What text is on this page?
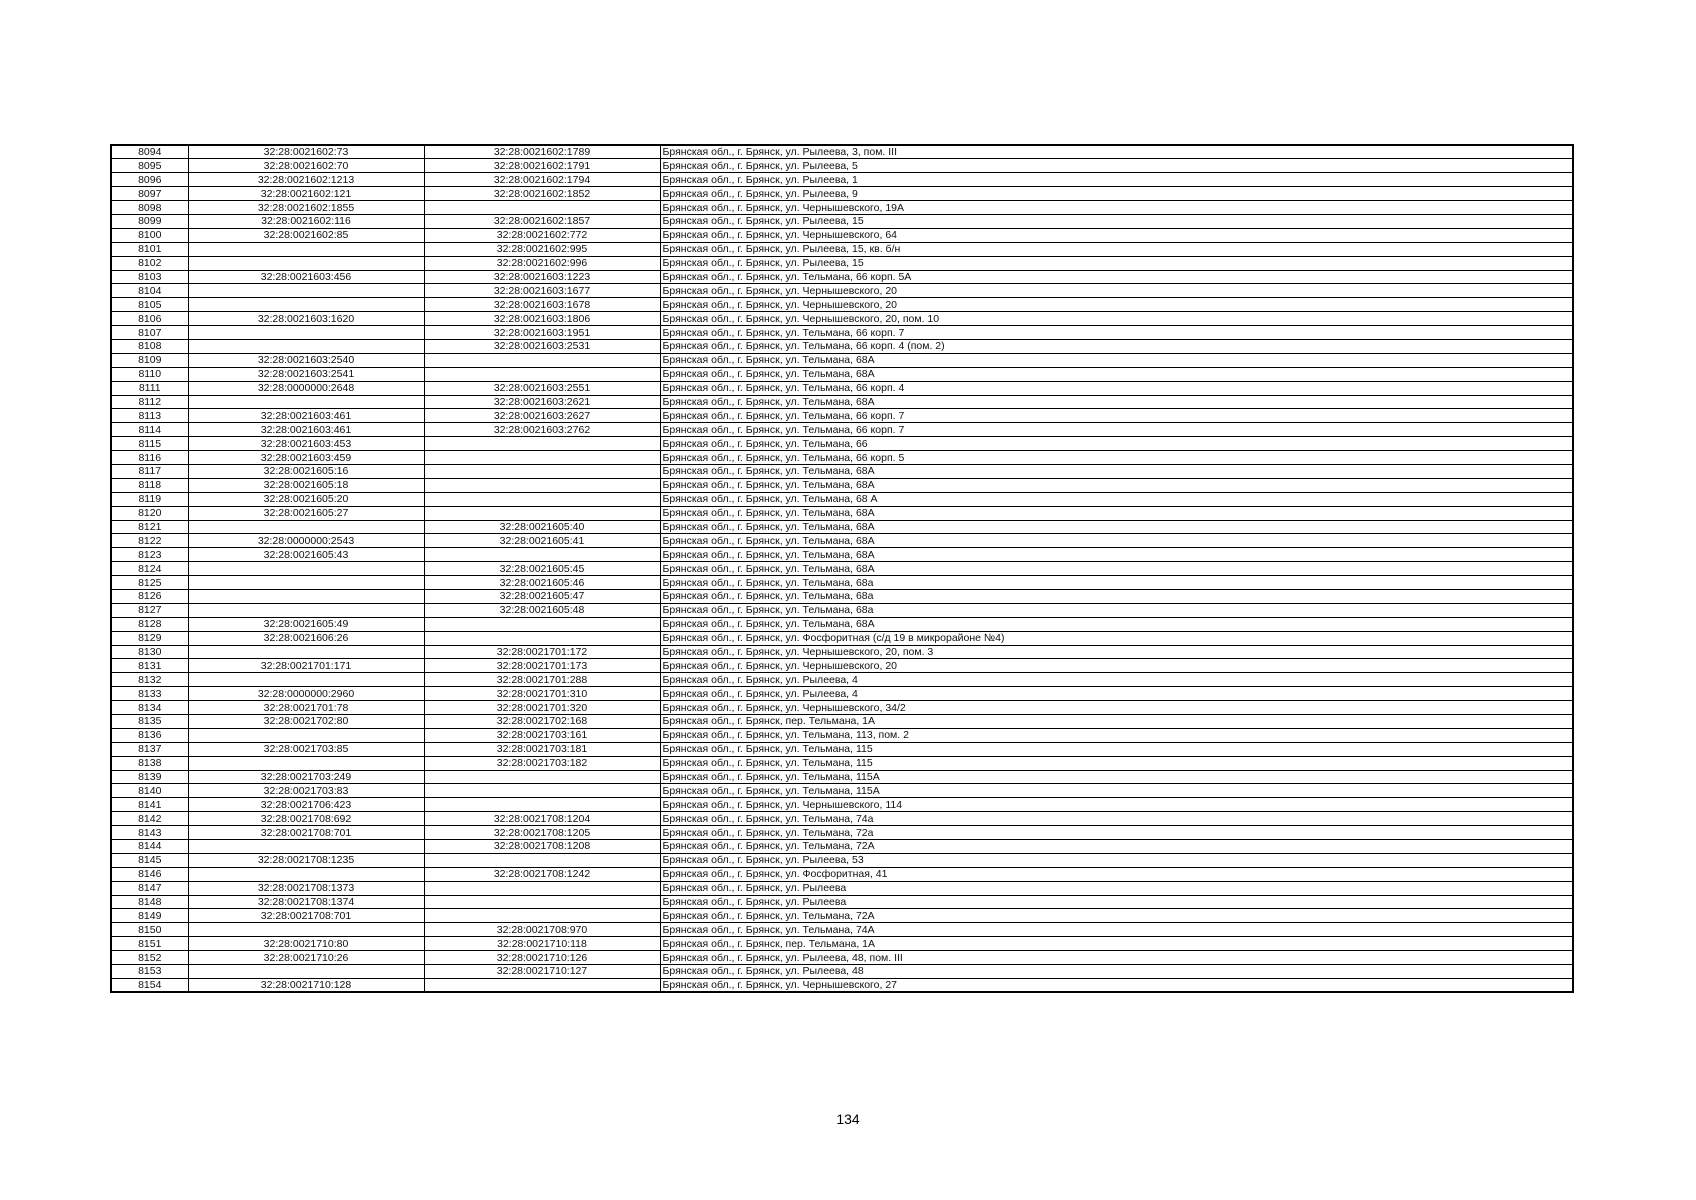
8094	32:28:0021602:73	32:28:0021602:1789	Брянская обл., г. Брянск, ул. Рылеева, 3, пом. III
8095	32:28:0021602:70	32:28:0021602:1791	Брянская обл., г. Брянск, ул. Рылеева, 5
8096	32:28:0021602:1213	32:28:0021602:1794	Брянская обл., г. Брянск, ул. Рылеева, 1
8097	32:28:0021602:121	32:28:0021602:1852	Брянская обл., г. Брянск, ул. Рылеева, 9
8098	32:28:0021602:1855		Брянская обл., г. Брянск, ул. Чернышевского, 19А
8099	32:28:0021602:116	32:28:0021602:1857	Брянская обл., г. Брянск, ул. Рылеева, 15
8100	32:28:0021602:85	32:28:0021602:772	Брянская обл., г. Брянск, ул. Чернышевского, 64
8101		32:28:0021602:995	Брянская обл., г. Брянск, ул. Рылеева, 15, кв. б/н
8102		32:28:0021602:996	Брянская обл., г. Брянск, ул. Рылеева, 15
8103	32:28:0021603:456	32:28:0021603:1223	Брянская обл., г. Брянск, ул. Тельмана, 66 корп. 5А
8104		32:28:0021603:1677	Брянская обл., г. Брянск, ул. Чернышевского, 20
8105		32:28:0021603:1678	Брянская обл., г. Брянск, ул. Чернышевского, 20
8106	32:28:0021603:1620	32:28:0021603:1806	Брянская обл., г. Брянск, ул. Чернышевского, 20, пом. 10
8107		32:28:0021603:1951	Брянская обл., г. Брянск, ул. Тельмана, 66 корп. 7
8108		32:28:0021603:2531	Брянская обл., г. Брянск, ул. Тельмана, 66 корп. 4 (пом. 2)
8109	32:28:0021603:2540		Брянская обл., г. Брянск, ул. Тельмана, 68А
8110	32:28:0021603:2541		Брянская обл., г. Брянск, ул. Тельмана, 68А
8111	32:28:0000000:2648	32:28:0021603:2551	Брянская обл., г. Брянск, ул. Тельмана, 66 корп. 4
8112		32:28:0021603:2621	Брянская обл., г. Брянск, ул. Тельмана, 68А
8113	32:28:0021603:461	32:28:0021603:2627	Брянская обл., г. Брянск, ул. Тельмана, 66 корп. 7
8114	32:28:0021603:461	32:28:0021603:2762	Брянская обл., г. Брянск, ул. Тельмана, 66 корп. 7
8115	32:28:0021603:453		Брянская обл., г. Брянск, ул. Тельмана, 66
8116	32:28:0021603:459		Брянская обл., г. Брянск, ул. Тельмана, 66 корп. 5
8117	32:28:0021605:16		Брянская обл., г. Брянск, ул. Тельмана, 68А
8118	32:28:0021605:18		Брянская обл., г. Брянск, ул. Тельмана, 68А
8119	32:28:0021605:20		Брянская обл., г. Брянск, ул. Тельмана, 68 А
8120	32:28:0021605:27		Брянская обл., г. Брянск, ул. Тельмана, 68А
8121		32:28:0021605:40	Брянская обл., г. Брянск, ул. Тельмана, 68А
8122	32:28:0000000:2543	32:28:0021605:41	Брянская обл., г. Брянск, ул. Тельмана, 68А
8123	32:28:0021605:43		Брянская обл., г. Брянск, ул. Тельмана, 68А
8124		32:28:0021605:45	Брянская обл., г. Брянск, ул. Тельмана, 68А
8125		32:28:0021605:46	Брянская обл., г. Брянск, ул. Тельмана, 68а
8126		32:28:0021605:47	Брянская обл., г. Брянск, ул. Тельмана, 68а
8127		32:28:0021605:48	Брянская обл., г. Брянск, ул. Тельмана, 68а
8128	32:28:0021605:49		Брянская обл., г. Брянск, ул. Тельмана, 68А
8129	32:28:0021606:26		Брянская обл., г. Брянск, ул. Фосфоритная (с/д 19 в микрорайоне №4)
8130		32:28:0021701:172	Брянская обл., г. Брянск, ул. Чернышевского, 20, пом. 3
8131	32:28:0021701:171	32:28:0021701:173	Брянская обл., г. Брянск, ул. Чернышевского, 20
8132		32:28:0021701:288	Брянская обл., г. Брянск, ул. Рылеева, 4
8133	32:28:0000000:2960	32:28:0021701:310	Брянская обл., г. Брянск, ул. Рылеева, 4
8134	32:28:0021701:78	32:28:0021701:320	Брянская обл., г. Брянск, ул. Чернышевского, 34/2
8135	32:28:0021702:80	32:28:0021702:168	Брянская обл., г. Брянск, пер. Тельмана, 1А
8136		32:28:0021703:161	Брянская обл., г. Брянск, ул. Тельмана, 113, пом. 2
8137	32:28:0021703:85	32:28:0021703:181	Брянская обл., г. Брянск, ул. Тельмана, 115
8138		32:28:0021703:182	Брянская обл., г. Брянск, ул. Тельмана, 115
8139	32:28:0021703:249		Брянская обл., г. Брянск, ул. Тельмана, 115А
8140	32:28:0021703:83		Брянская обл., г. Брянск, ул. Тельмана, 115А
8141	32:28:0021706:423		Брянская обл., г. Брянск, ул. Чернышевского, 114
8142	32:28:0021708:692	32:28:0021708:1204	Брянская обл., г. Брянск, ул. Тельмана, 74а
8143	32:28:0021708:701	32:28:0021708:1205	Брянская обл., г. Брянск, ул. Тельмана, 72а
8144		32:28:0021708:1208	Брянская обл., г. Брянск, ул. Тельмана, 72А
8145	32:28:0021708:1235		Брянская обл., г. Брянск, ул. Рылеева, 53
8146		32:28:0021708:1242	Брянская обл., г. Брянск, ул. Фосфоритная, 41
8147	32:28:0021708:1373		Брянская обл., г. Брянск, ул. Рылеева
8148	32:28:0021708:1374		Брянская обл., г. Брянск, ул. Рылеева
8149	32:28:0021708:701		Брянская обл., г. Брянск, ул. Тельмана, 72А
8150		32:28:0021708:970	Брянская обл., г. Брянск, ул. Тельмана, 74А
8151	32:28:0021710:80	32:28:0021710:118	Брянская обл., г. Брянск, пер. Тельмана, 1А
8152	32:28:0021710:26	32:28:0021710:126	Брянская обл., г. Брянск, ул. Рылеева, 48, пом. III
8153		32:28:0021710:127	Брянская обл., г. Брянск, ул. Рылеева, 48
8154	32:28:0021710:128		Брянская обл., г. Брянск, ул. Чернышевского, 27
134
